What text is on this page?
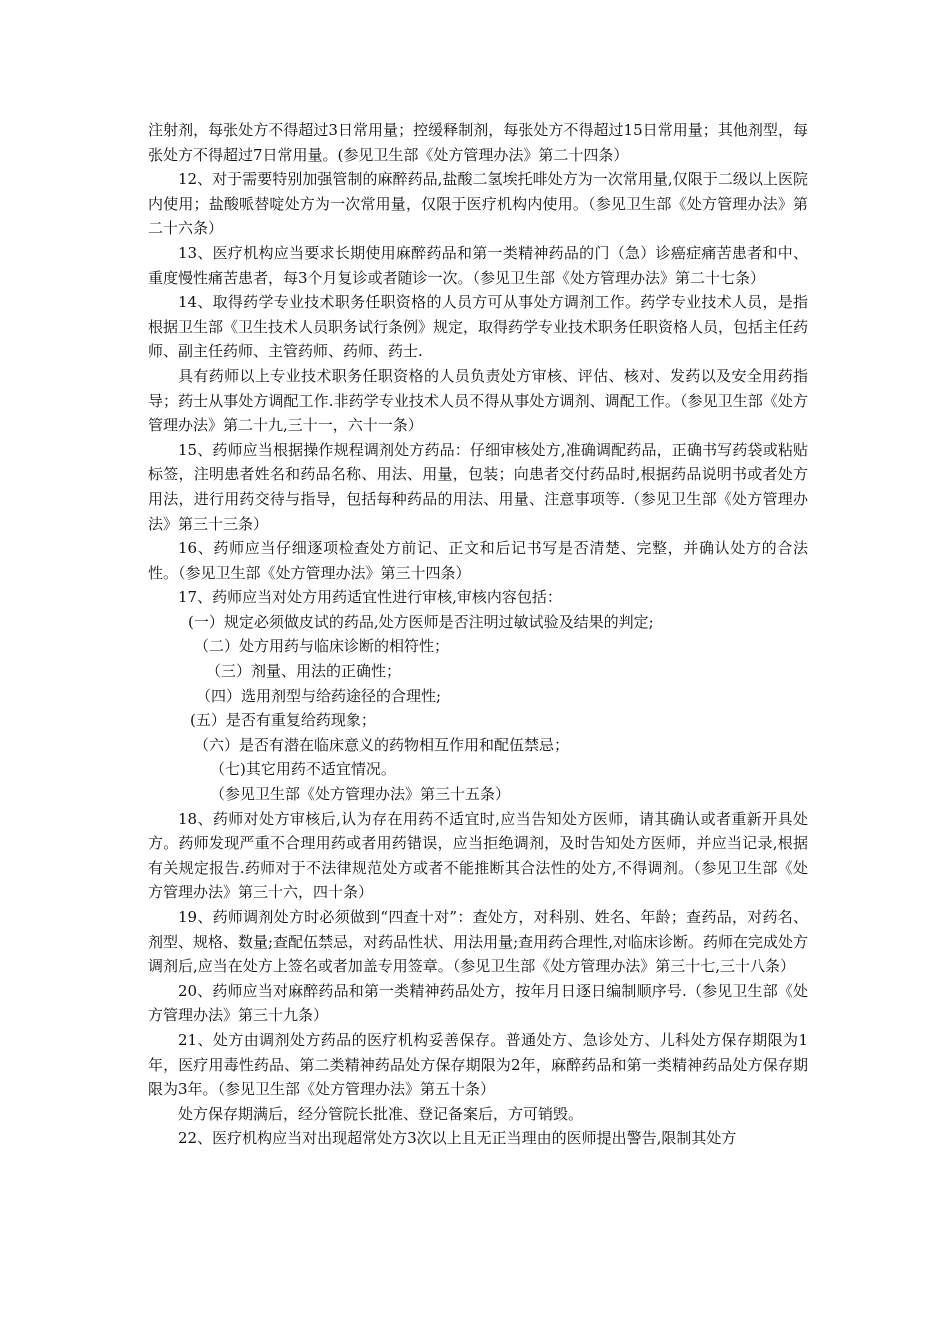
注射剂，每张处方不得超过3日常用量；控缓释制剂，每张处方不得超过15日常用量；其他剂型，每张处方不得超过7日常用量。(参见卫生部《处方管理办法》第二十四条）

12、对于需要特别加强管制的麻醉药品,盐酸二氢埃托啡处方为一次常用量,仅限于二级以上医院内使用；盐酸哌替啶处方为一次常用量，仅限于医疗机构内使用。（参见卫生部《处方管理办法》第二十六条）

13、医疗机构应当要求长期使用麻醉药品和第一类精神药品的门（急）诊癌症痛苦患者和中、重度慢性痛苦患者，每3个月复诊或者随诊一次。（参见卫生部《处方管理办法》第二十七条）

14、取得药学专业技术职务任职资格的人员方可从事处方调剂工作。药学专业技术人员，是指根据卫生部《卫生技术人员职务试行条例》规定，取得药学专业技术职务任职资格人员，包括主任药师、副主任药师、主管药师、药师、药士.

具有药师以上专业技术职务任职资格的人员负责处方审核、评估、核对、发药以及安全用药指导；药士从事处方调配工作.非药学专业技术人员不得从事处方调剂、调配工作。（参见卫生部《处方管理办法》第二十九,三十一，六十一条）

15、药师应当根据操作规程调剂处方药品：仔细审核处方,准确调配药品，正确书写药袋或粘贴标签，注明患者姓名和药品名称、用法、用量，包装；向患者交付药品时,根据药品说明书或者处方用法，进行用药交待与指导，包括每种药品的用法、用量、注意事项等.（参见卫生部《处方管理办法》第三十三条）

16、药师应当仔细逐项检查处方前记、正文和后记书写是否清楚、完整，并确认处方的合法性。（参见卫生部《处方管理办法》第三十四条）

17、药师应当对处方用药适宜性进行审核,审核内容包括：

(一）规定必须做皮试的药品,处方医师是否注明过敏试验及结果的判定;

（二）处方用药与临床诊断的相符性；

（三）剂量、用法的正确性；

（四）选用剂型与给药途径的合理性;

(五）是否有重复给药现象；

（六）是否有潜在临床意义的药物相互作用和配伍禁忌；

（七)其它用药不适宜情况。

（参见卫生部《处方管理办法》第三十五条）

18、药师对处方审核后,认为存在用药不适宜时,应当告知处方医师，请其确认或者重新开具处方。药师发现严重不合理用药或者用药错误，应当拒绝调剂，及时告知处方医师，并应当记录,根据有关规定报告.药师对于不法律规范处方或者不能推断其合法性的处方,不得调剂。（参见卫生部《处方管理办法》第三十六，四十条）

19、药师调剂处方时必须做到“四查十对”：查处方，对科别、姓名、年龄；查药品，对药名、剂型、规格、数量;查配伍禁忌，对药品性状、用法用量;查用药合理性,对临床诊断。药师在完成处方调剂后,应当在处方上签名或者加盖专用签章。（参见卫生部《处方管理办法》第三十七,三十八条）

20、药师应当对麻醉药品和第一类精神药品处方，按年月日逐日编制顺序号.（参见卫生部《处方管理办法》第三十九条）

21、处方由调剂处方药品的医疗机构妥善保存。普通处方、急诊处方、儿科处方保存期限为1年，医疗用毒性药品、第二类精神药品处方保存期限为2年，麻醉药品和第一类精神药品处方保存期限为3年。（参见卫生部《处方管理办法》第五十条）

处方保存期满后，经分管院长批准、登记备案后，方可销毁。

22、医疗机构应当对出现超常处方3次以上且无正当理由的医师提出警告,限制其处方
